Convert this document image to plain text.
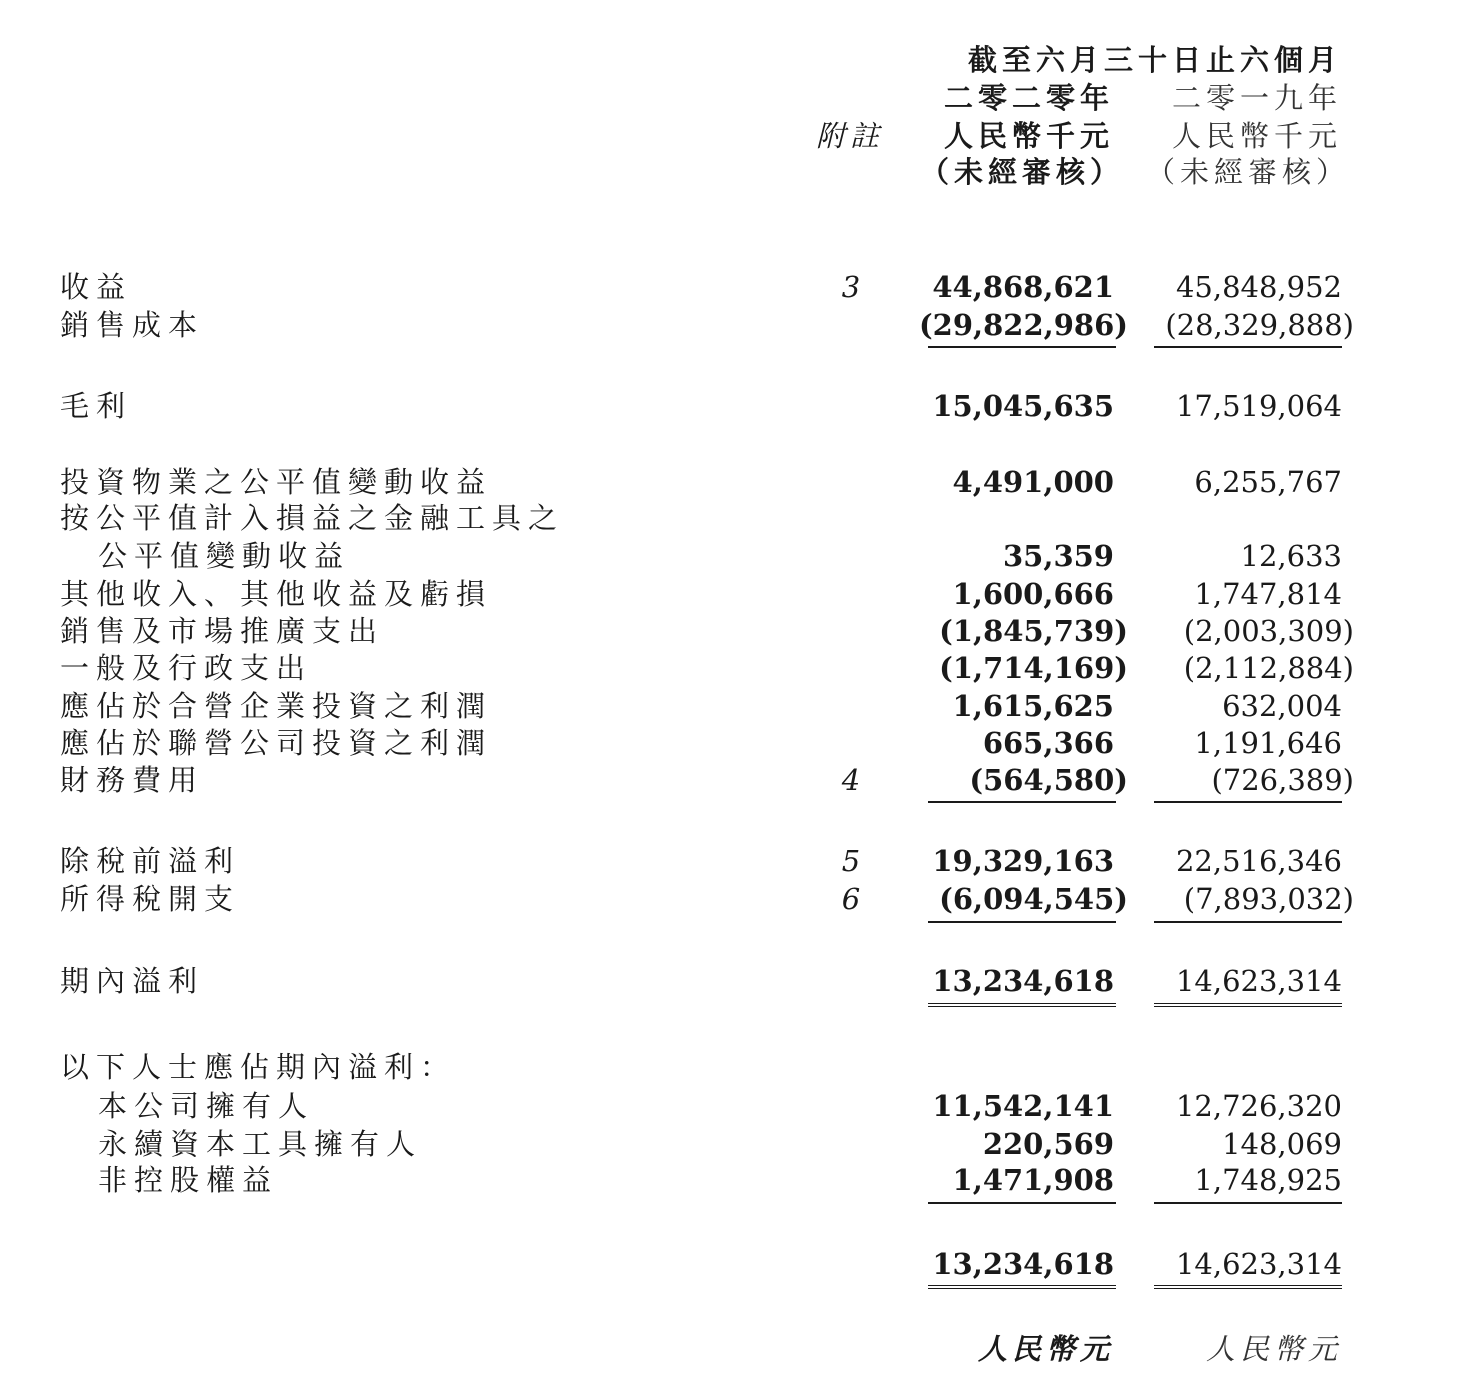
截至六月三十日止六個月
二零二零年 二零一九年
附註 人民幣千元 人民幣千元
（未經審核） （未經審核）
收益	3 44,868,621 45,848,952
銷售成本	(29,822,986) (28,329,888)
毛利	15,045,635 17,519,064
投資物業之公平值變動收益	4,491,000	6,255,767
按公平值計入損益之金融工具之
公平值變動收益	35,359	12,633
其他收入、其他收益及虧損	1,600,666	1,747,814
銷售及市場推廣支出	(1,845,739) (2,003,309)
一般及行政支出	(1,714,169) (2,112,884)
應佔於合營企業投資之利潤	1,615,625	632,004
應佔於聯營公司投資之利潤	665,366	1,191,646
財務費用	4	(564,580)	(726,389)
除稅前溢利	5 19,329,163 22,516,346
所得稅開支	6	(6,094,545) (7,893,032)
期內溢利	13,234,618 14,623,314
以下人士應佔期內溢利：
本公司擁有人	11,542,141 12,726,320
永續資本工具擁有人	220,569	148,069
非控股權益	1,471,908	1,748,925
13,234,618 14,623,314
人民幣元	人民幣元
